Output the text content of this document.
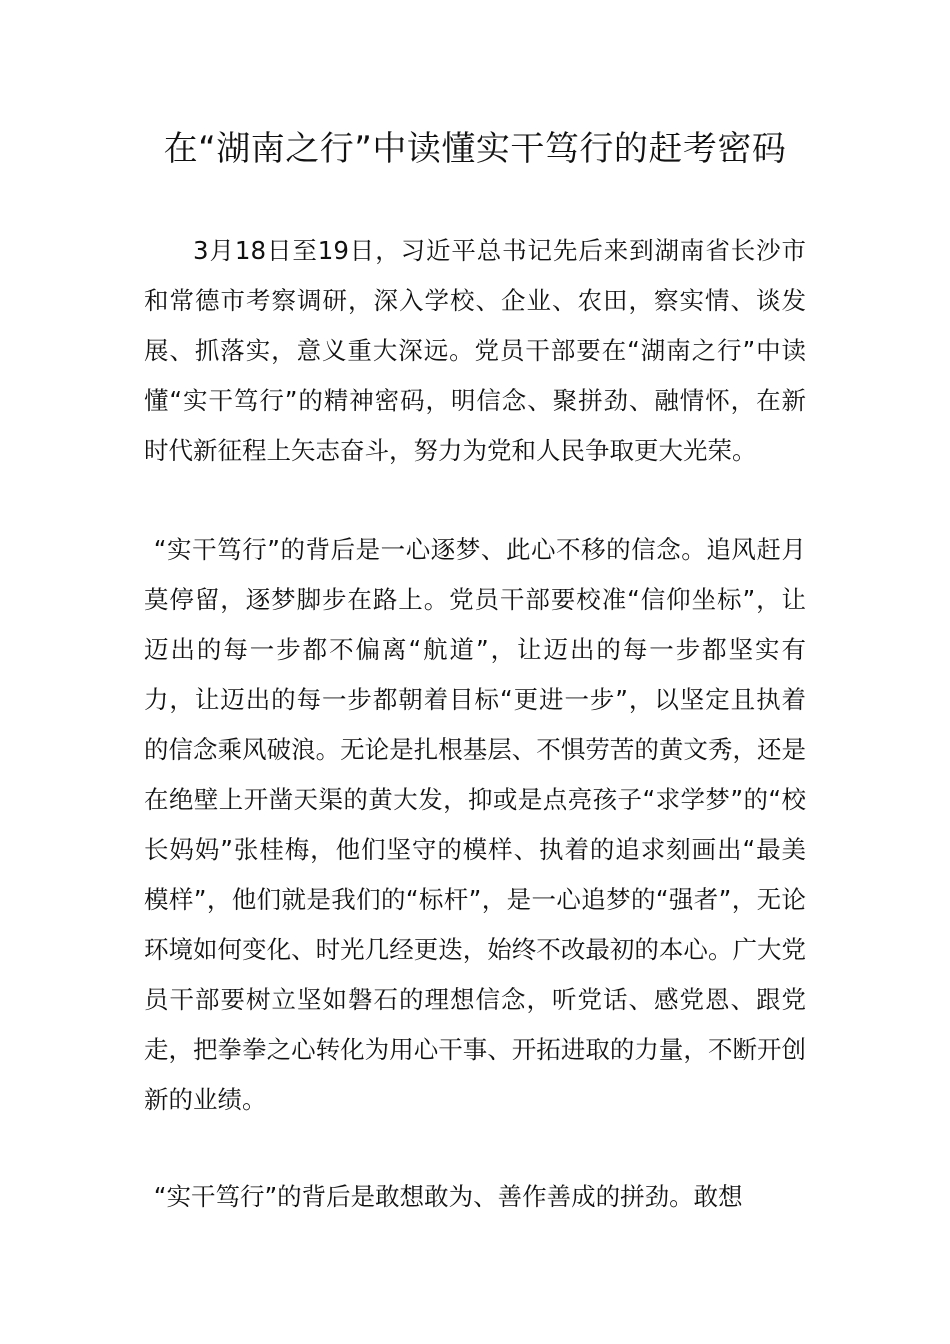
在“湖南之行”中读懂实干笃行的赶考密码

3月18日至19日，习近平总书记先后来到湖南省长沙市和常德市考察调研，深入学校、企业、农田，察实情、谈发展、抓落实，意义重大深远。党员干部要在“湖南之行”中读懂“实干笃行”的精神密码，明信念、聚拼劲、融情怀，在新时代新征程上矢志奋斗，努力为党和人民争取更大光荣。

“实干笃行”的背后是一心逐梦、此心不移的信念。追风赶月莫停留，逐梦脚步在路上。党员干部要校准“信仰坐标”，让迈出的每一步都不偏离“航道”，让迈出的每一步都坚实有力，让迈出的每一步都朝着目标“更进一步”，以坚定且执着的信念乘风破浪。无论是扎根基层、不惧劳苦的黄文秀，还是在绝壁上开凿天渠的黄大发，抑或是点亮孩子“求学梦”的“校长妈妈”张桂梅，他们坚守的模样、执着的追求刻画出“最美模样”，他们就是我们的“标杆”，是一心追梦的“强者”，无论环境如何变化、时光几经更迭，始终不改最初的本心。广大党员干部要树立坚如磐石的理想信念，听党话、感党恩、跟党走，把拳拳之心转化为用心干事、开拓进取的力量，不断开创新的业绩。

“实干笃行”的背后是敢想敢为、善作善成的拼劲。敢想
